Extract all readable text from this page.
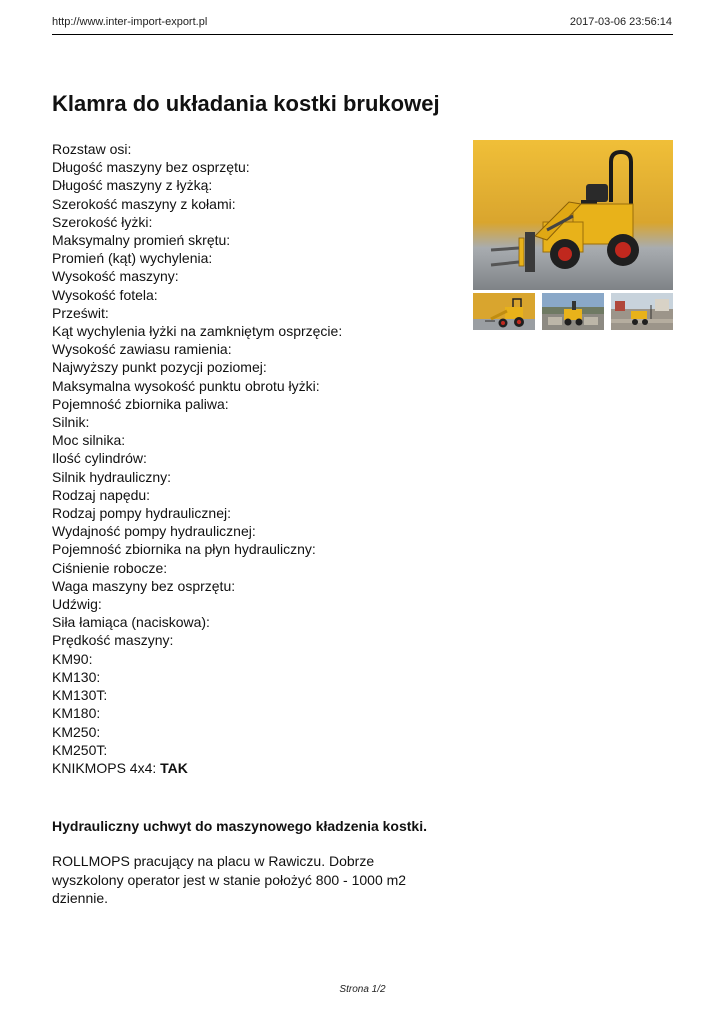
http://www.inter-import-export.pl	2017-03-06 23:56:14
Klamra do układania kostki brukowej
Rozstaw osi:
Długość maszyny bez osprzętu:
Długość maszyny z łyżką:
Szerokość maszyny z kołami:
Szerokość łyżki:
Maksymalny promień skrętu:
Promień (kąt) wychylenia:
Wysokość maszyny:
Wysokość fotela:
Prześwit:
Kąt wychylenia łyżki na zamkniętym osprzęcie:
Wysokość zawiasu ramienia:
Najwyższy punkt pozycji poziomej:
Maksymalna wysokość punktu obrotu łyżki:
Pojemność zbiornika paliwa:
Silnik:
Moc silnika:
Ilość cylindrów:
Silnik hydrauliczny:
Rodzaj napędu:
Rodzaj pompy hydraulicznej:
Wydajność pompy hydraulicznej:
Pojemność zbiornika na płyn hydrauliczny:
Ciśnienie robocze:
Waga maszyny bez osprzętu:
Udźwig:
Siła łamiąca (naciskowa):
Prędkość maszyny:
KM90:
KM130:
KM130T:
KM180:
KM250:
KM250T:
KNIKMOPS 4x4: TAK

Hydrauliczny uchwyt do maszynowego kładzenia kostki.

ROLLMOPS pracujący na placu w Rawiczu. Dobrze wyszkolony operator jest w stanie położyć 800 - 1000 m2 dziennie.

Strona 1/2
